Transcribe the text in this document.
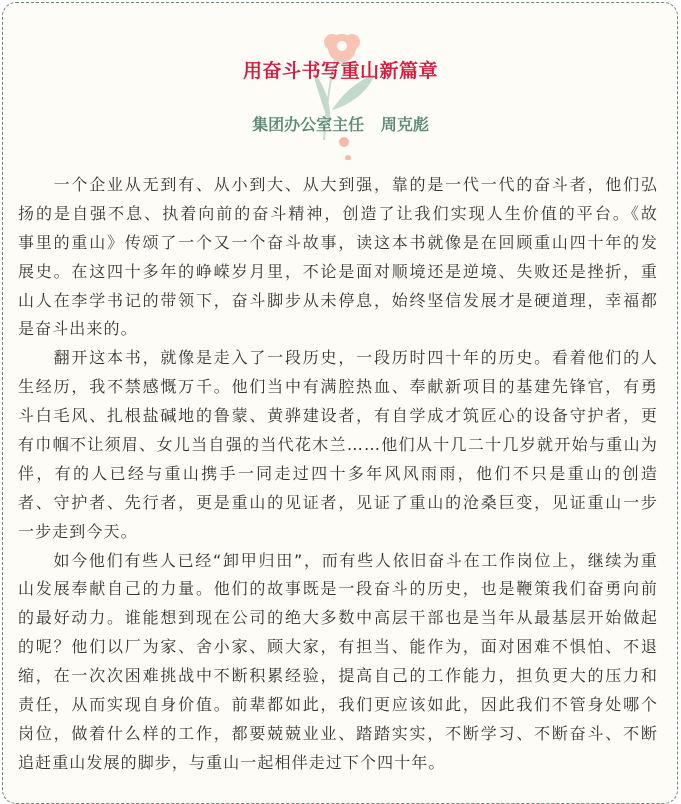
用奋斗书写重山新篇章
集团办公室主任   周克彪
　　一个企业从无到有、从小到大、从大到强，靠的是一代一代的奋斗者，他们弘
扬的是自强不息、执着向前的奋斗精神，创造了让我们实现人生价值的平台。《故
事里的重山》传颂了一个又一个奋斗故事，读这本书就像是在回顾重山四十年的发
展史。在这四十多年的峥嵘岁月里，不论是面对顺境还是逆境、失败还是挫折，重
山人在李学书记的带领下，奋斗脚步从未停息，始终坚信发展才是硬道理，幸福都
是奋斗出来的。
　　翻开这本书，就像是走入了一段历史，一段历时四十年的历史。看着他们的人
生经历，我不禁感慨万千。他们当中有满腔热血、奉献新项目的基建先锋官，有勇
斗白毛风、扎根盐碱地的鲁蒙、黄骅建设者，有自学成才筑匠心的设备守护者，更
有巾帼不让须眉、女儿当自强的当代花木兰……他们从十几二十几岁就开始与重山为
伴，有的人已经与重山携手一同走过四十多年风风雨雨，他们不只是重山的创造
者、守护者、先行者，更是重山的见证者，见证了重山的沧桑巨变，见证重山一步
一步走到今天。
　　如今他们有些人已经“卸甲归田”，而有些人依旧奋斗在工作岗位上，继续为重
山发展奉献自己的力量。他们的故事既是一段奋斗的历史，也是鞭策我们奋勇向前
的最好动力。谁能想到现在公司的绝大多数中高层干部也是当年从最基层开始做起
的呢？他们以厂为家、舍小家、顾大家，有担当、能作为，面对困难不惧怕、不退
缩，在一次次困难挑战中不断积累经验，提高自己的工作能力，担负更大的压力和
责任，从而实现自身价值。前辈都如此，我们更应该如此，因此我们不管身处哪个
岗位，做着什么样的工作，都要兢兢业业、踏踏实实，不断学习、不断奋斗、不断
追赶重山发展的脚步，与重山一起相伴走过下个四十年。
